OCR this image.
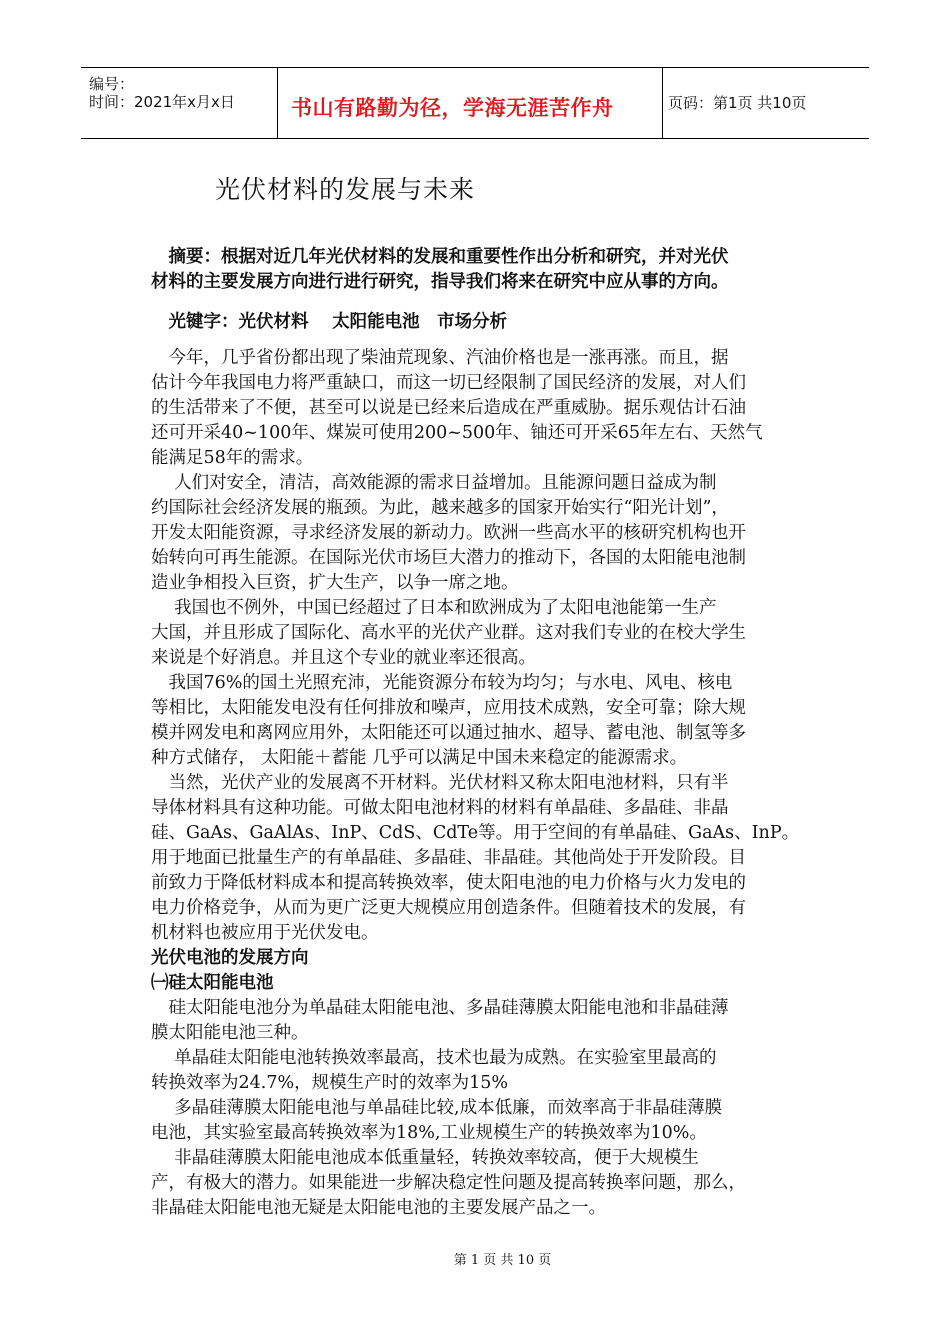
编号：
时间：2021年x月x日	书山有路勤为径，学海无涯苦作舟	页码：第1页 共10页
光伏材料的发展与未来
　摘要：根据对近几年光伏材料的发展和重要性作出分析和研究，并对光伏
材料的主要发展方向进行进行研究，指导我们将来在研究中应从事的方向。
　光键字：光伏材料　 太阳能电池　市场分析
　今年，几乎省份都出现了柴油荒现象、汽油价格也是一涨再涨。而且，据
估计今年我国电力将严重缺口，而这一切已经限制了国民经济的发展，对人们
的生活带来了不便，甚至可以说是已经来后造成在严重威胁。据乐观估计石油
还可开采40~100年、煤炭可使用200~500年、铀还可开采65年左右、天然气
能满足58年的需求。
　 人们对安全，清洁，高效能源的需求日益增加。且能源问题日益成为制
约国际社会经济发展的瓶颈。为此，越来越多的国家开始实行“阳光计划”，
开发太阳能资源，寻求经济发展的新动力。欧洲一些高水平的核研究机构也开
始转向可再生能源。在国际光伏市场巨大潜力的推动下，各国的太阳能电池制
造业争相投入巨资，扩大生产，以争一席之地。
　 我国也不例外，中国已经超过了日本和欧洲成为了太阳电池能第一生产
大国，并且形成了国际化、高水平的光伏产业群。这对我们专业的在校大学生
来说是个好消息。并且这个专业的就业率还很高。
　我国76%的国土光照充沛，光能资源分布较为均匀；与水电、风电、核电
等相比，太阳能发电没有任何排放和噪声，应用技术成熟，安全可靠；除大规
模并网发电和离网应用外，太阳能还可以通过抽水、超导、蓄电池、制氢等多
种方式储存， 太阳能＋蓄能 几乎可以满足中国未来稳定的能源需求。
　当然，光伏产业的发展离不开材料。光伏材料又称太阳电池材料，只有半
导体材料具有这种功能。可做太阳电池材料的材料有单晶硅、多晶硅、非晶
硅、GaAs、GaAlAs、InP、CdS、CdTe等。用于空间的有单晶硅、GaAs、InP。
用于地面已批量生产的有单晶硅、多晶硅、非晶硅。其他尚处于开发阶段。目
前致力于降低材料成本和提高转换效率，使太阳电池的电力价格与火力发电的
电力价格竞争，从而为更广泛更大规模应用创造条件。但随着技术的发展，有
机材料也被应用于光伏发电。
光伏电池的发展方向
㈠硅太阳能电池
　硅太阳能电池分为单晶硅太阳能电池、多晶硅薄膜太阳能电池和非晶硅薄
膜太阳能电池三种。
　 单晶硅太阳能电池转换效率最高，技术也最为成熟。在实验室里最高的
转换效率为24.7%，规模生产时的效率为15%
　 多晶硅薄膜太阳能电池与单晶硅比较,成本低廉，而效率高于非晶硅薄膜
电池，其实验室最高转换效率为18%,工业规模生产的转换效率为10%。
　 非晶硅薄膜太阳能电池成本低重量轻，转换效率较高，便于大规模生
产，有极大的潜力。如果能进一步解决稳定性问题及提高转换率问题，那么，
非晶硅太阳能电池无疑是太阳能电池的主要发展产品之一。
第 1 页 共 10 页
